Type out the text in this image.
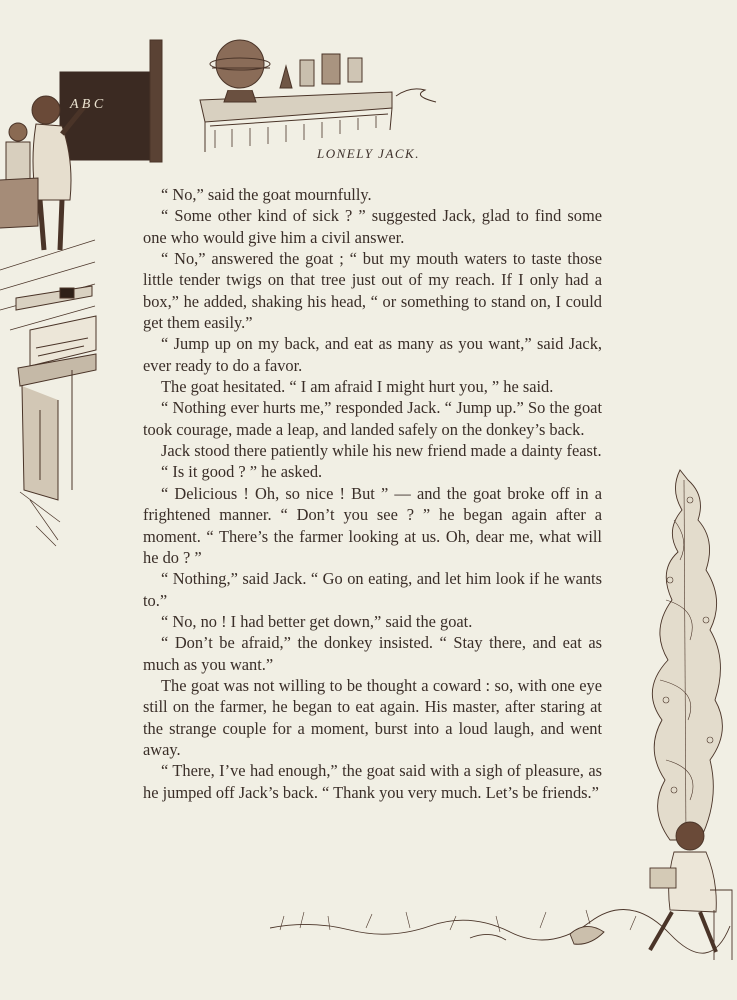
A B C
LONELY JACK.

“ No,” said the goat mournfully.

“ Some other kind of sick ? ” suggested Jack, glad to find some one who would give him a civil answer.

“ No,” answered the goat ; “ but my mouth waters to taste those little tender twigs on that tree just out of my reach. If I only had a box,” he added, shaking his head, “ or something to stand on, I could get them easily.”

“ Jump up on my back, and eat as many as you want,” said Jack, ever ready to do a favor.

The goat hesitated. “ I am afraid I might hurt you, ” he said.

“ Nothing ever hurts me,” responded Jack. “ Jump up.” So the goat took courage, made a leap, and landed safely on the donkey’s back.

Jack stood there patiently while his new friend made a dainty feast.

“ Is it good ? ” he asked.

“ Delicious ! Oh, so nice ! But ” — and the goat broke off in a frightened manner. “ Don’t you see ? ” he began again after a moment. “ There’s the farmer looking at us. Oh, dear me, what will he do ? ”

“ Nothing,” said Jack. “ Go on eating, and let him look if he wants to.”

“ No, no ! I had better get down,” said the goat.

“ Don’t be afraid,” the donkey insisted. “ Stay there, and eat as much as you want.”

The goat was not willing to be thought a coward : so, with one eye still on the farmer, he began to eat again. His master, after staring at the strange couple for a moment, burst into a loud laugh, and went away.

“ There, I’ve had enough,” the goat said with a sigh of pleasure, as he jumped off Jack’s back. “ Thank you very much. Let’s be friends.”
